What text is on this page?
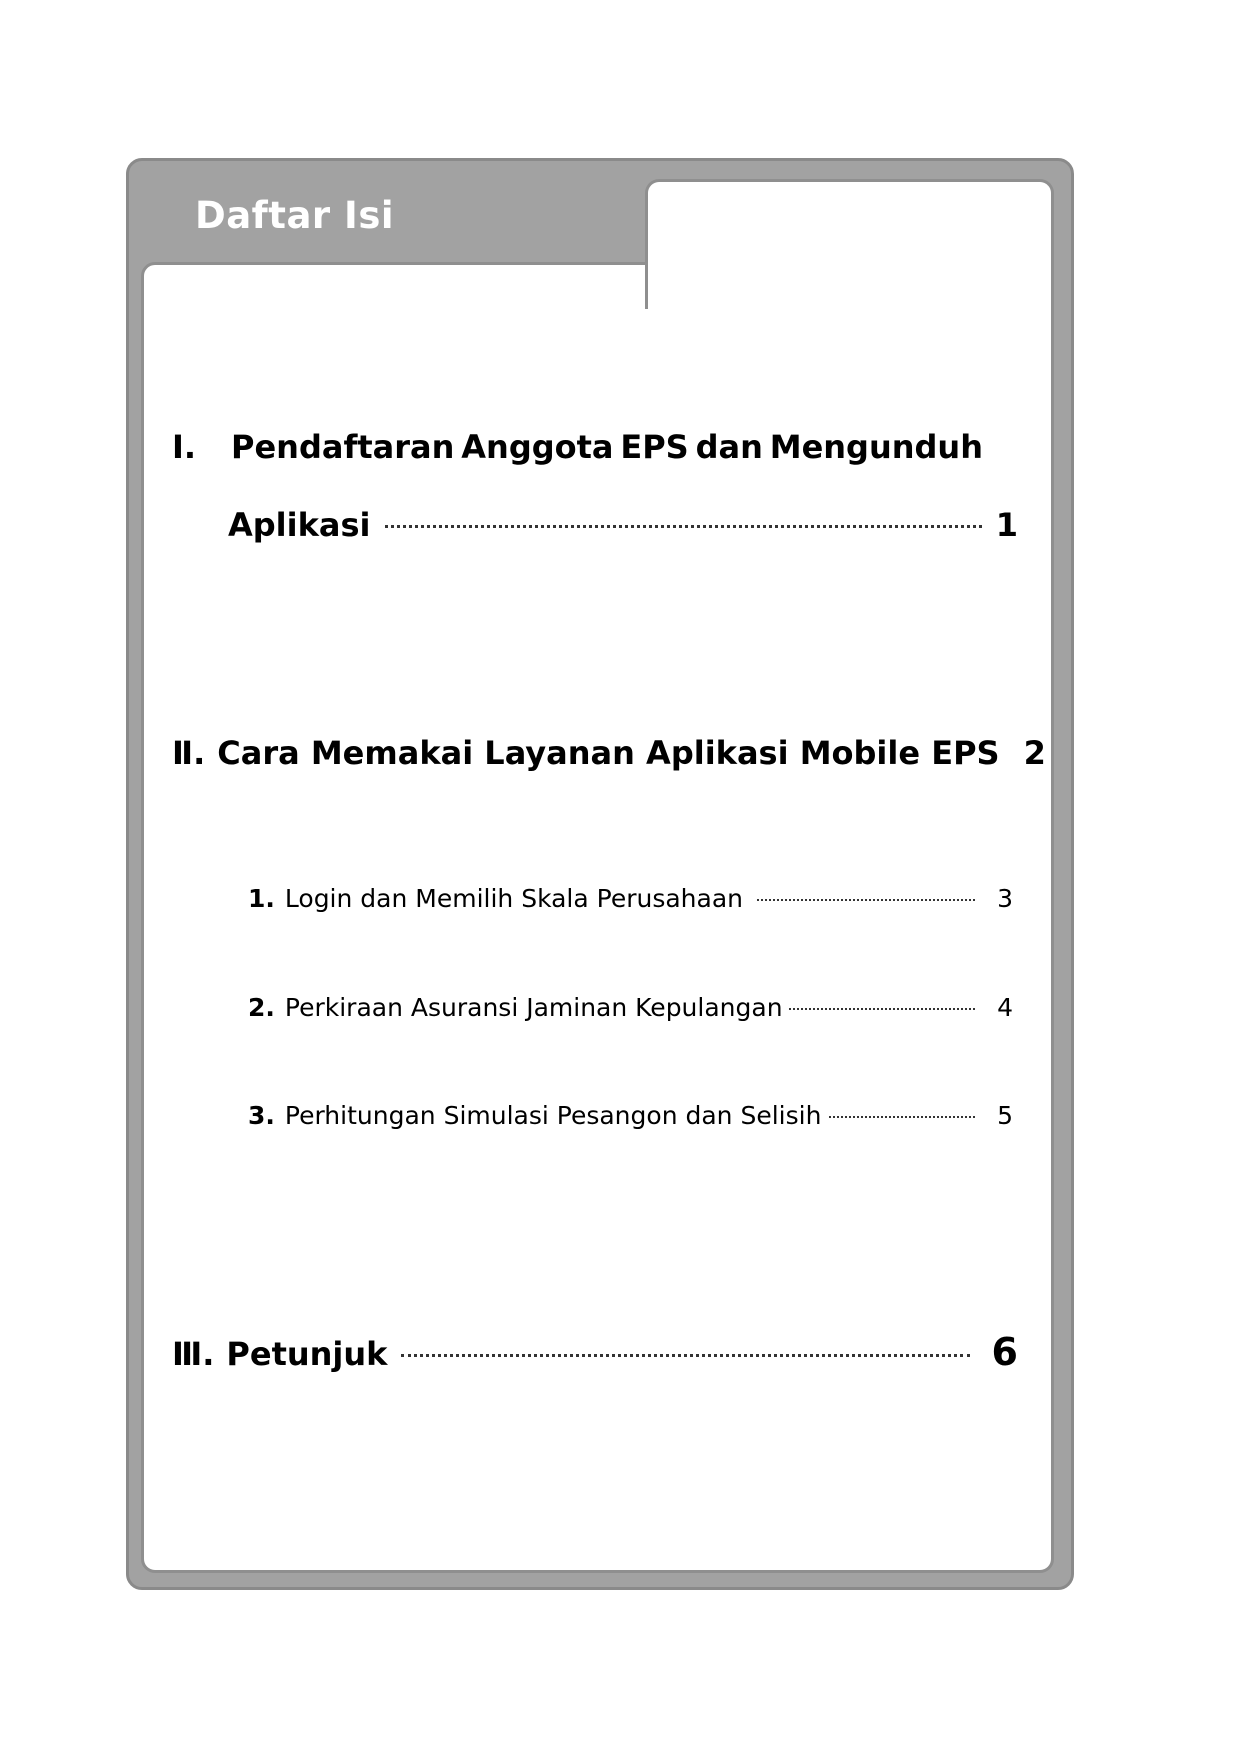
Daftar Isi
Ⅰ. Pendaftaran Anggota EPS dan Mengunduh
Aplikasi	1
Ⅱ. Cara Memakai Layanan Aplikasi Mobile EPS 2
1. Login dan Memilih Skala Perusahaan	3
2. Perkiraan Asuransi Jaminan Kepulangan	4
3. Perhitungan Simulasi Pesangon dan Selisih	5
Ⅲ. Petunjuk	6
